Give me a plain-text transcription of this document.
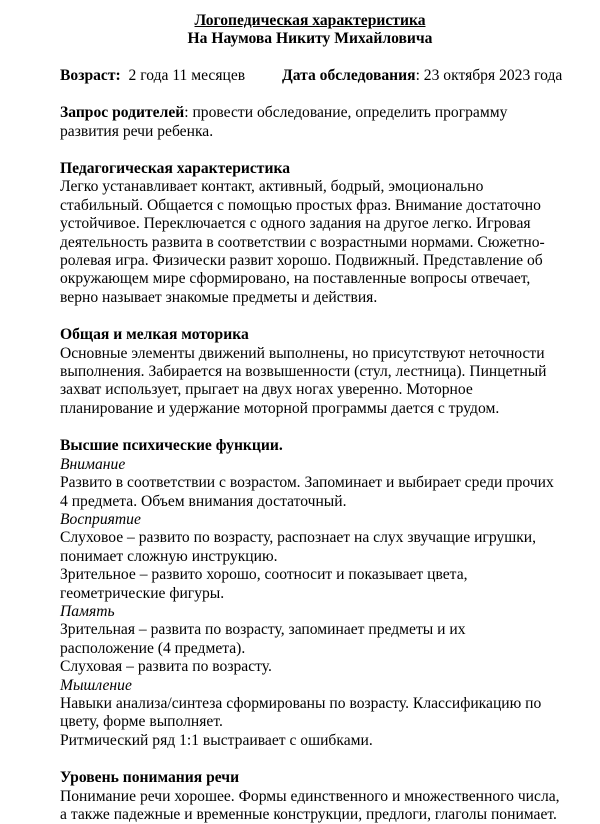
Логопедическая характеристика
На Наумова Никиту Михайловича

Возраст: 2 года 11 месяцев Дата обследования: 23 октября 2023 года

Запрос родителей: провести обследование, определить программу развития речи ребенка.

Педагогическая характеристика

Легко устанавливает контакт, активный, бодрый, эмоционально стабильный. Общается с помощью простых фраз. Внимание достаточно устойчивое. Переключается с одного задания на другое легко. Игровая деятельность развита в соответствии с возрастными нормами. Сюжетно-ролевая игра. Физически развит хорошо. Подвижный. Представление об окружающем мире сформировано, на поставленные вопросы отвечает, верно называет знакомые предметы и действия.

Общая и мелкая моторика

Основные элементы движений выполнены, но присутствуют неточности выполнения. Забирается на возвышенности (стул, лестница). Пинцетный захват использует, прыгает на двух ногах уверенно. Моторное планирование и удержание моторной программы дается с трудом.

Высшие психические функции.

Внимание

Развито в соответствии с возрастом. Запоминает и выбирает среди прочих 4 предмета. Объем внимания достаточный.

Восприятие

Слуховое – развито по возрасту, распознает на слух звучащие игрушки, понимает сложную инструкцию.

Зрительное – развито хорошо, соотносит и показывает цвета, геометрические фигуры.

Память

Зрительная – развита по возрасту, запоминает предметы и их расположение (4 предмета).

Слуховая – развита по возрасту.

Мышление

Навыки анализа/синтеза сформированы по возрасту. Классификацию по цвету, форме выполняет.

Ритмический ряд 1:1 выстраивает с ошибками.

Уровень понимания речи

Понимание речи хорошее. Формы единственного и множественного числа, а также падежные и временные конструкции, предлоги, глаголы понимает.
